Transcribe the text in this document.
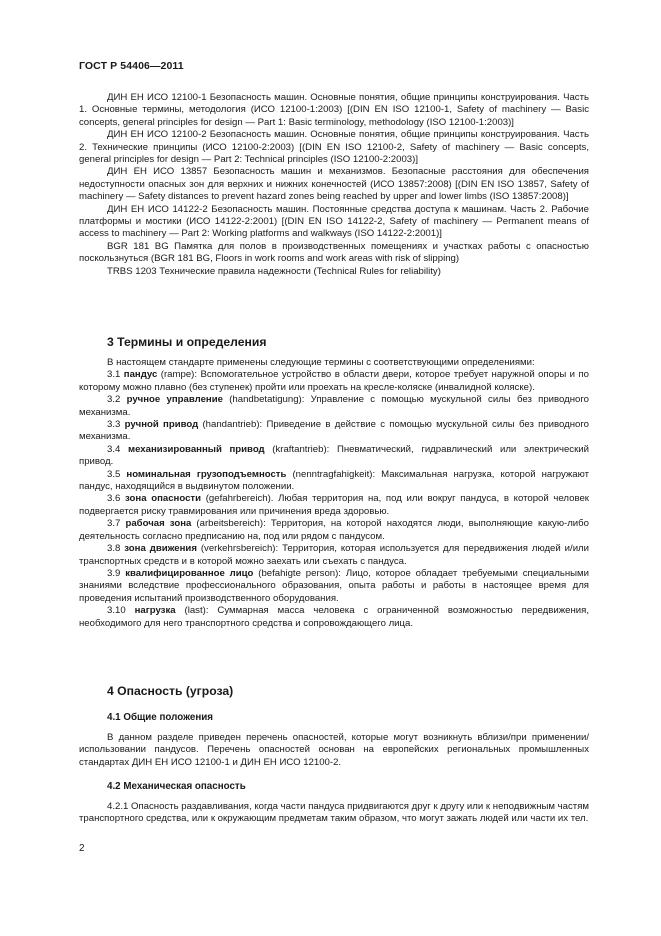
ГОСТ Р 54406—2011

ДИН ЕН ИСО 12100-1 Безопасность машин. Основные понятия, общие принципы конструирования. Часть 1. Основные термины, методология (ИСО 12100-1:2003) [(DIN EN ISO 12100-1, Safety of machinery — Basic concepts, general principles for design — Part 1: Basic terminology, methodology (ISO 12100-1:2003)]

ДИН ЕН ИСО 12100-2 Безопасность машин. Основные понятия, общие принципы конструирования. Часть 2. Технические принципы (ИСО 12100-2:2003) [(DIN EN ISO 12100-2, Safety of machinery — Basic concepts, general principles for design — Part 2: Technical principles (ISO 12100-2:2003)]

ДИН ЕН ИСО 13857 Безопасность машин и механизмов. Безопасные расстояния для обеспечения недоступности опасных зон для верхних и нижних конечностей (ИСО 13857:2008) [(DIN EN ISO 13857, Safety of machinery — Safety distances to prevent hazard zones being reached by upper and lower limbs (ISO 13857:2008)]

ДИН ЕН ИСО 14122-2 Безопасность машин. Постоянные средства доступа к машинам. Часть 2. Рабочие платформы и мостики (ИСО 14122-2:2001) [(DIN EN ISO 14122-2, Safety of machinery — Permanent means of access to machinery — Part 2: Working platforms and walkways (ISO 14122-2:2001)]

BGR 181 BG Памятка для полов в производственных помещениях и участках работы с опасностью поскользнуться (BGR 181 BG, Floors in work rooms and work areas with risk of slipping)

TRBS 1203 Технические правила надежности (Technical Rules for reliability)

3 Термины и определения

В настоящем стандарте применены следующие термины с соответствующими определениями:

3.1 пандус (rampe): Вспомогательное устройство в области двери, которое требует наружной опоры и по которому можно плавно (без ступенек) пройти или проехать на кресле-коляске (инвалидной коляске).

3.2 ручное управление (handbetatigung): Управление с помощью мускульной силы без приводного механизма.

3.3 ручной привод (handantrieb): Приведение в действие с помощью мускульной силы без приводного механизма.

3.4 механизированный привод (kraftantrieb): Пневматический, гидравлический или электрический привод.

3.5 номинальная грузоподъемность (nenntragfahigkeit): Максимальная нагрузка, которой нагружают пандус, находящийся в выдвинутом положении.

3.6 зона опасности (gefahrbereich). Любая территория на, под или вокруг пандуса, в которой человек подвергается риску травмирования или причинения вреда здоровью.

3.7 рабочая зона (arbeitsbereich): Территория, на которой находятся люди, выполняющие какую-либо деятельность согласно предписанию на, под или рядом с пандусом.

3.8 зона движения (verkehrsbereich): Территория, которая используется для передвижения людей и/или транспортных средств и в которой можно заехать или съехать с пандуса.

3.9 квалифицированное лицо (befahigte person): Лицо, которое обладает требуемыми специальными знаниями вследствие профессионального образования, опыта работы и работы в настоящее время для проведения испытаний производственного оборудования.

3.10 нагрузка (last): Суммарная масса человека с ограниченной возможностью передвижения, необходимого для него транспортного средства и сопровождающего лица.

4 Опасность (угроза)
4.1 Общие положения

В данном разделе приведен перечень опасностей, которые могут возникнуть вблизи/при применении/использовании пандусов. Перечень опасностей основан на европейских региональных промышленных стандартах ДИН ЕН ИСО 12100-1 и ДИН ЕН ИСО 12100-2.

4.2 Механическая опасность

4.2.1 Опасность раздавливания, когда части пандуса придвигаются друг к другу или к неподвижным частям транспортного средства, или к окружающим предметам таким образом, что могут зажать людей или части их тел.

2
